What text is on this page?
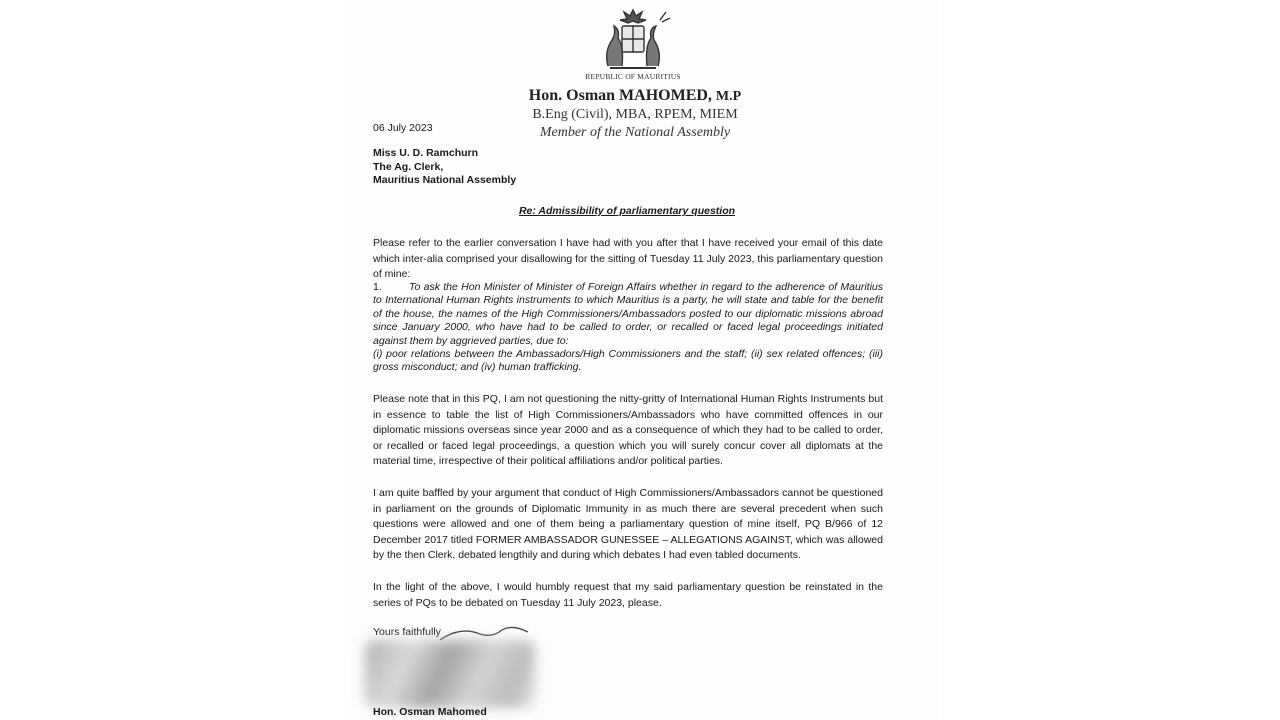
REPUBLIC OF MAURITIUS
Hon. Osman MAHOMED, M.P
B.Eng (Civil), MBA, RPEM, MIEM
Member of the National Assembly
06 July 2023
Miss U. D. Ramchurn
The Ag. Clerk,
Mauritius National Assembly
Re: Admissibility of parliamentary question
Please refer to the earlier conversation I have had with you after that I have received your email of this date which inter-alia comprised your disallowing for the sitting of Tuesday 11 July 2023, this parliamentary question of mine:
1.	To ask the Hon Minister of Minister of Foreign Affairs whether in regard to the adherence of Mauritius to International Human Rights instruments to which Mauritius is a party, he will state and table for the benefit of the house, the names of the High Commissioners/Ambassadors posted to our diplomatic missions abroad since January 2000, who have had to be called to order, or recalled or faced legal proceedings initiated against them by aggrieved parties, due to:
(i) poor relations between the Ambassadors/High Commissioners and the staff; (ii) sex related offences; (iii) gross misconduct; and (iv) human trafficking.
Please note that in this PQ, I am not questioning the nitty-gritty of International Human Rights Instruments but in essence to table the list of High Commissioners/Ambassadors who have committed offences in our diplomatic missions overseas since year 2000 and as a consequence of which they had to be called to order, or recalled or faced legal proceedings, a question which you will surely concur cover all diplomats at the material time, irrespective of their political affiliations and/or political parties.
I am quite baffled by your argument that conduct of High Commissioners/Ambassadors cannot be questioned in parliament on the grounds of Diplomatic Immunity in as much there are several precedent when such questions were allowed and one of them being a parliamentary question of mine itself, PQ B/966 of 12 December 2017 titled FORMER AMBASSADOR GUNESSEE – ALLEGATIONS AGAINST, which was allowed by the then Clerk, debated lengthily and during which debates I had even tabled documents.
In the light of the above, I would humbly request that my said parliamentary question be reinstated in the series of PQs to be debated on Tuesday 11 July 2023, please.
Yours faithfully
Hon. Osman Mahomed
